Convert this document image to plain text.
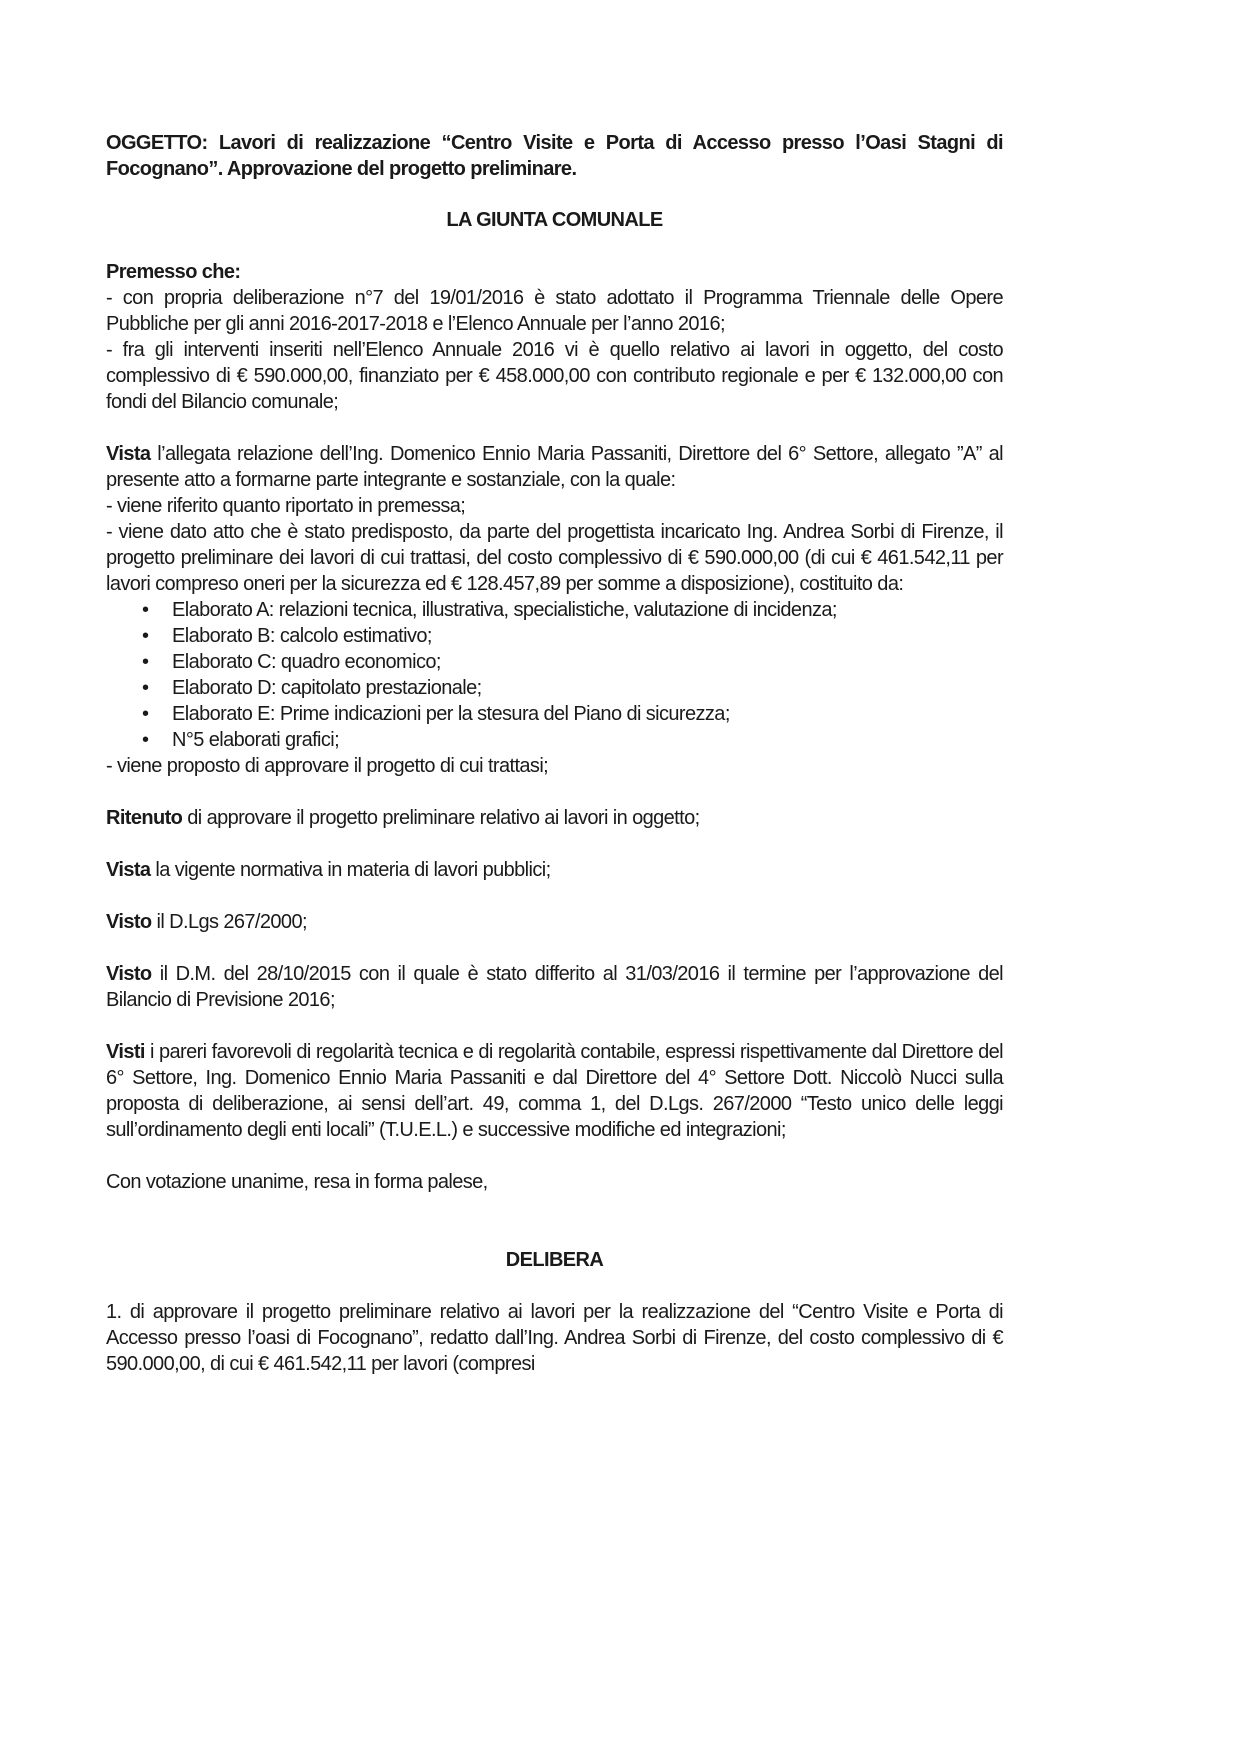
OGGETTO: Lavori di realizzazione “Centro Visite e Porta di Accesso presso l’Oasi Stagni di Focognano”. Approvazione del progetto preliminare.

LA GIUNTA COMUNALE

Premesso che:

- con propria deliberazione n°7 del 19/01/2016 è stato adottato il Programma Triennale delle Opere Pubbliche per gli anni 2016-2017-2018 e l’Elenco Annuale per l’anno 2016;

- fra gli interventi inseriti nell’Elenco Annuale 2016 vi è quello relativo ai lavori in oggetto, del costo complessivo di € 590.000,00, finanziato per € 458.000,00 con contributo regionale e per € 132.000,00 con fondi del Bilancio comunale;

Vista l’allegata relazione dell’Ing. Domenico Ennio Maria Passaniti, Direttore del 6° Settore, allegato ”A” al presente atto a formarne parte integrante e sostanziale, con la quale:

- viene riferito quanto riportato in premessa;

- viene dato atto che è stato predisposto, da parte del progettista incaricato Ing. Andrea Sorbi di Firenze, il progetto preliminare dei lavori di cui trattasi, del costo complessivo di € 590.000,00 (di cui € 461.542,11 per lavori compreso oneri per la sicurezza ed € 128.457,89 per somme a disposizione), costituito da:

• Elaborato A: relazioni tecnica, illustrativa, specialistiche, valutazione di incidenza;
• Elaborato B: calcolo estimativo;
• Elaborato C: quadro economico;
• Elaborato D: capitolato prestazionale;
• Elaborato E: Prime indicazioni per la stesura del Piano di sicurezza;
• N°5 elaborati grafici;

- viene proposto di approvare il progetto di cui trattasi;

Ritenuto di approvare il progetto preliminare relativo ai lavori in oggetto;

Vista la vigente normativa in materia di lavori pubblici;

Visto il D.Lgs 267/2000;

Visto il D.M. del 28/10/2015 con il quale è stato differito al 31/03/2016 il termine per l’approvazione del Bilancio di Previsione 2016;

Visti i pareri favorevoli di regolarità tecnica e di regolarità contabile, espressi rispettivamente dal Direttore del 6° Settore, Ing. Domenico Ennio Maria Passaniti e dal Direttore del 4° Settore Dott. Niccolò Nucci sulla proposta di deliberazione, ai sensi dell’art. 49, comma 1, del D.Lgs. 267/2000 “Testo unico delle leggi sull’ordinamento degli enti locali” (T.U.E.L.) e successive modifiche ed integrazioni;

Con votazione unanime, resa in forma palese,

DELIBERA

1. di approvare il progetto preliminare relativo ai lavori per la realizzazione del “Centro Visite e Porta di Accesso presso l’oasi di Focognano”, redatto dall’Ing. Andrea Sorbi di Firenze, del costo complessivo di € 590.000,00, di cui € 461.542,11 per lavori (compresi
